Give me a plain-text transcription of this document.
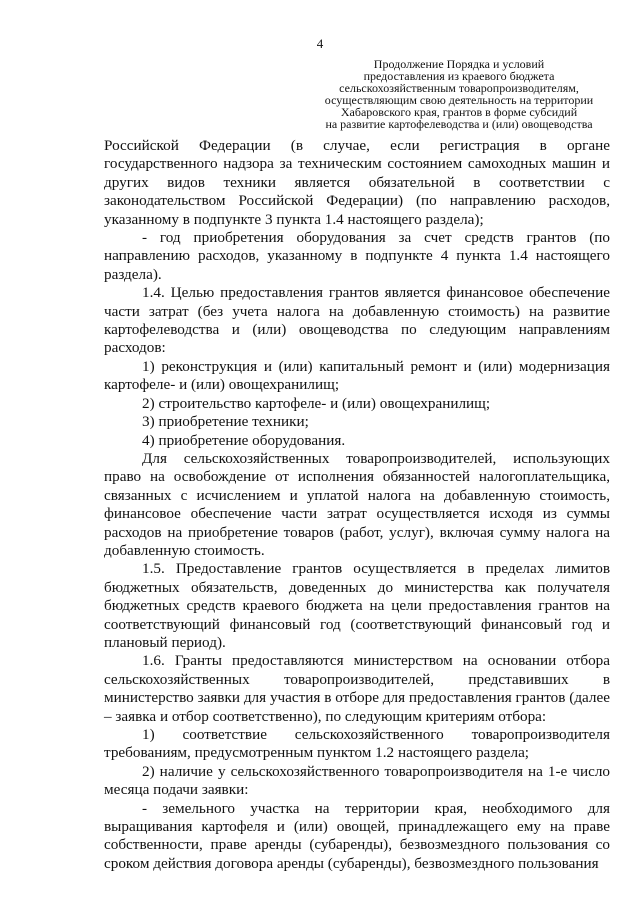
4
Продолжение Порядка и условий
предоставления из краевого бюджета
сельскохозяйственным товаропроизводителям,
осуществляющим свою деятельность на территории
Хабаровского края, грантов в форме субсидий
на развитие картофелеводства и (или) овощеводства

Российской Федерации (в случае, если регистрация в органе государственного надзора за техническим состоянием самоходных машин и других видов техники является обязательной в соответствии с законодательством Российской Федерации) (по направлению расходов, указанному в подпункте 3 пункта 1.4 настоящего раздела);

- год приобретения оборудования за счет средств грантов (по направлению расходов, указанному в подпункте 4 пункта 1.4 настоящего раздела).

1.4. Целью предоставления грантов является финансовое обеспечение части затрат (без учета налога на добавленную стоимость) на развитие картофелеводства и (или) овощеводства по следующим направлениям расходов:

1) реконструкция и (или) капитальный ремонт и (или) модернизация картофеле- и (или) овощехранилищ;

2) строительство картофеле- и (или) овощехранилищ;

3) приобретение техники;

4) приобретение оборудования.

Для сельскохозяйственных товаропроизводителей, использующих право на освобождение от исполнения обязанностей налогоплательщика, связанных с исчислением и уплатой налога на добавленную стоимость, финансовое обеспечение части затрат осуществляется исходя из суммы расходов на приобретение товаров (работ, услуг), включая сумму налога на добавленную стоимость.

1.5. Предоставление грантов осуществляется в пределах лимитов бюджетных обязательств, доведенных до министерства как получателя бюджетных средств краевого бюджета на цели предоставления грантов на соответствующий финансовый год (соответствующий финансовый год и плановый период).

1.6. Гранты предоставляются министерством на основании отбора сельскохозяйственных товаропроизводителей, представивших в министерство заявки для участия в отборе для предоставления грантов (далее – заявка и отбор соответственно), по следующим критериям отбора:

1) соответствие сельскохозяйственного товаропроизводителя требованиям, предусмотренным пунктом 1.2 настоящего раздела;

2) наличие у сельскохозяйственного товаропроизводителя на 1-е число месяца подачи заявки:

- земельного участка на территории края, необходимого для выращивания картофеля и (или) овощей, принадлежащего ему на праве собственности, праве аренды (субаренды), безвозмездного пользования со сроком действия договора аренды (субаренды), безвозмездного пользования
